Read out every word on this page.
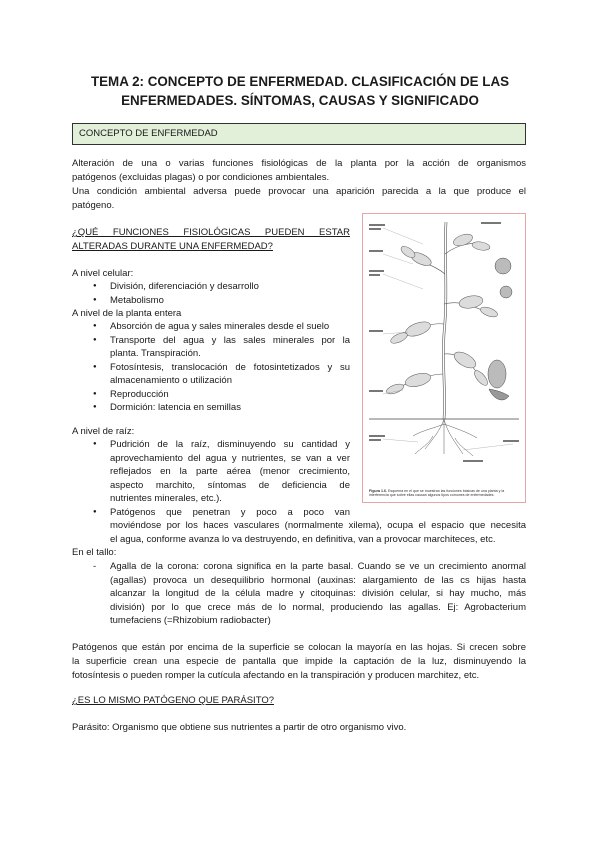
TEMA 2: CONCEPTO DE ENFERMEDAD. CLASIFICACIÓN DE LAS
ENFERMEDADES. SÍNTOMAS, CAUSAS Y SIGNIFICADO
CONCEPTO DE ENFERMEDAD
Alteración de una o varias funciones fisiológicas de la planta por la acción de organismos
patógenos (excluidas plagas) o por condiciones ambientales.
Una condición ambiental adversa puede provocar una aparición parecida a la que produce el
patógeno.
¿QUÉ FUNCIONES FISIOLÓGICAS PUEDEN ESTAR
ALTERADAS DURANTE UNA ENFERMEDAD?
A nivel celular:
● División, diferenciación y desarrollo
● Metabolismo
A nivel de la planta entera
● Absorción de agua y sales minerales desde el suelo
● Transporte del agua y las sales minerales por la
planta. Transpiración.
● Fotosíntesis, translocación de fotosintetizados y su
almacenamiento o utilización
● Reproducción
● Dormición: latencia en semillas
A nivel de raíz:
● Pudrición de la raíz, disminuyendo su cantidad y
aprovechamiento del agua y nutrientes, se van a ver
reflejados en la parte aérea (menor crecimiento,
aspecto marchito, síntomas de deficiencia de
nutrientes minerales, etc.).
● Patógenos que penetran y poco a poco van
moviéndose por los haces vasculares (normalmente xilema), ocupa el espacio que necesita
el agua, conforme avanza lo va destruyendo, en definitiva, van a provocar marchiteces, etc.
En el tallo:
- Agalla de la corona: corona significa en la parte basal. Cuando se ve un crecimiento anormal
(agallas) provoca un desequilibrio hormonal (auxinas: alargamiento de las cs hijas hasta
alcanzar la longitud de la célula madre y citoquinas: división celular, si hay mucho, más
división) por lo que crece más de lo normal, produciendo las agallas. Ej: Agrobacterium
tumefaciens (=Rhizobium radiobacter)
Patógenos que están por encima de la superficie se colocan la mayoría en las hojas. Si crecen sobre
la superficie crean una especie de pantalla que impide la captación de la luz, disminuyendo la
fotosíntesis o pueden romper la cutícula afectando en la transpiración y producen marchitez, etc.
¿ES LO MISMO PATÓGENO QUE PARÁSITO?
Parásito: Organismo que obtiene sus nutrientes a partir de otro organismo vivo.
Figura 1.6. Esquema en el que se muestran las funciones básicas de una planta y la interferencia que sobre ellas causan algunos tipos comunes de enfermedades.
